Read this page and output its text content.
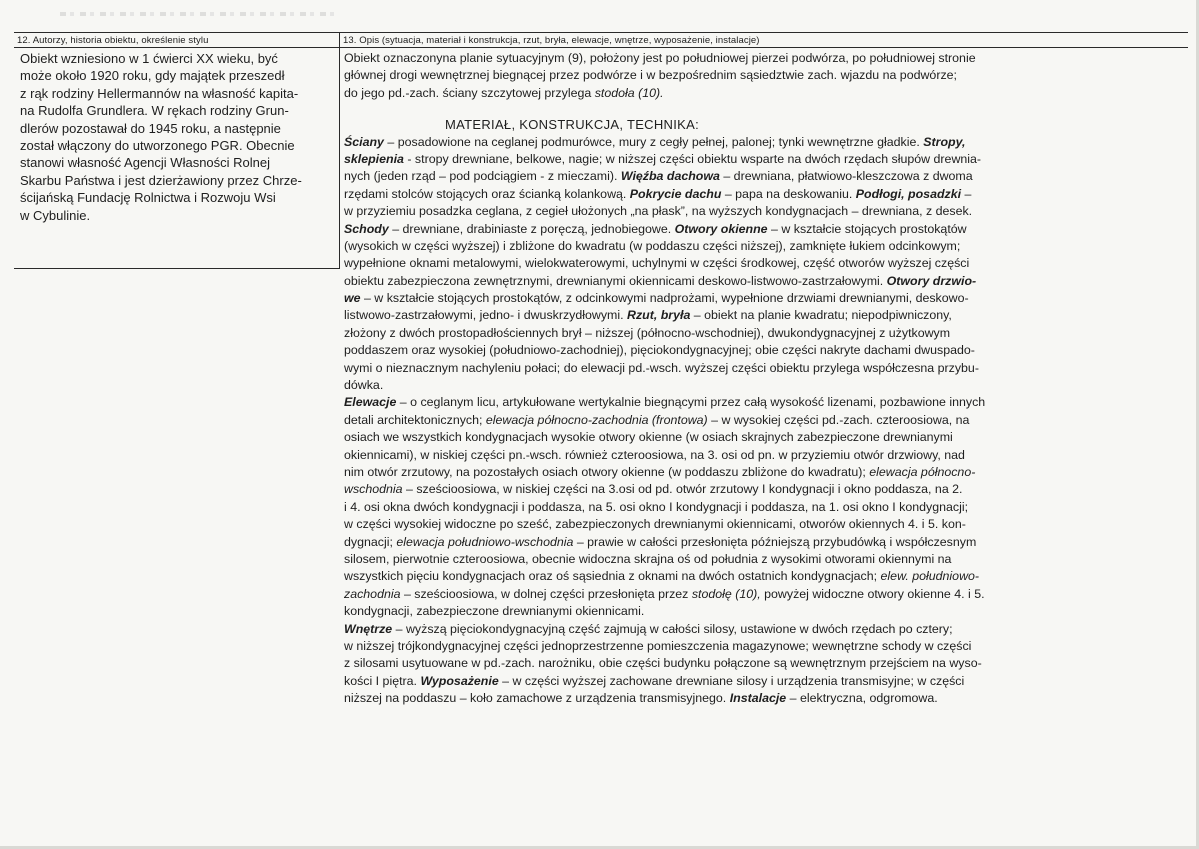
12. Autorzy, historia obiektu, określenie stylu	13. Opis (sytuacja, materiał i konstrukcja, rzut, bryła, elewacje, wnętrze, wyposażenie, instalacje)
Obiekt wzniesiono w 1 ćwierci XX wieku, być
może około 1920 roku, gdy majątek przeszedł
z rąk rodziny Hellermannów na własność kapita-
na Rudolfa Grundlera. W rękach rodziny Grun-
dlerów pozostawał do 1945 roku, a następnie
został włączony do utworzonego PGR. Obecnie
stanowi własność Agencji Własności Rolnej
Skarbu Państwa i jest dzierżawiony przez Chrze-
ścijańską Fundację Rolnictwa i Rozwoju Wsi
w Cybulinie.
Obiekt oznaczonyna planie sytuacyjnym (9), położony jest po południowej pierzei podwórza, po południowej stronie
głównej drogi wewnętrznej biegnącej przez podwórze i w bezpośrednim sąsiedztwie zach. wjazdu na podwórze;
do jego pd.-zach. ściany szczytowej przylega stodoła (10).
MATERIAŁ, KONSTRUKCJA, TECHNIKA:
Ściany – posadowione na ceglanej podmurówce, mury z cegły pełnej, palonej; tynki wewnętrzne gładkie. Stropy,
sklepienia - stropy drewniane, belkowe, nagie; w niższej części obiektu wsparte na dwóch rzędach słupów drewnia-
nych (jeden rząd – pod podciągiem - z mieczami). Więźba dachowa – drewniana, płatwiowo-kleszczowa z dwoma
rzędami stolców stojących oraz ścianką kolankową. Pokrycie dachu – papa na deskowaniu. Podłogi, posadzki –
w przyziemiu posadzka ceglana, z cegieł ułożonych „na płask”, na wyższych kondygnacjach – drewniana, z desek.
Schody – drewniane, drabiniaste z poręczą, jednobiegowe. Otwory okienne – w kształcie stojących prostokątów
(wysokich w części wyższej) i zbliżone do kwadratu (w poddaszu części niższej), zamknięte łukiem odcinkowym;
wypełnione oknami metalowymi, wielokwaterowymi, uchylnymi w części środkowej, część otworów wyższej części
obiektu zabezpieczona zewnętrznymi, drewnianymi okiennicami deskowo-listwowo-zastrzałowymi. Otwory drzwio-
we – w kształcie stojących prostokątów, z odcinkowymi nadprożami, wypełnione drzwiami drewnianymi, deskowo-
listwowo-zastrzałowymi, jedno- i dwuskrzydłowymi. Rzut, bryła – obiekt na planie kwadratu; niepodpiwniczony,
złożony z dwóch prostopadłościennych brył – niższej (północno-wschodniej), dwukondygnacyjnej z użytkowym
poddaszem oraz wysokiej (południowo-zachodniej), pięciokondygnacyjnej; obie części nakryte dachami dwuspado-
wymi o nieznacznym nachyleniu połaci; do elewacji pd.-wsch. wyższej części obiektu przylega współczesna przybu-
dówka.
Elewacje – o ceglanym licu, artykułowane wertykalnie biegnącymi przez całą wysokość lizenami, pozbawione innych
detali architektonicznych; elewacja północno-zachodnia (frontowa) – w wysokiej części pd.-zach. czteroosiowa, na
osiach we wszystkich kondygnacjach wysokie otwory okienne (w osiach skrajnych zabezpieczone drewnianymi
okiennicami), w niskiej części pn.-wsch. również czteroosiowa, na 3. osi od pn. w przyziemiu otwór drzwiowy, nad
nim otwór zrzutowy, na pozostałych osiach otwory okienne (w poddaszu zbliżone do kwadratu); elewacja północno-
wschodnia – sześcioosiowa, w niskiej części na 3.osi od pd. otwór zrzutowy I kondygnacji i okno poddasza, na 2.
i 4. osi okna dwóch kondygnacji i poddasza, na 5. osi okno I kondygnacji i poddasza, na 1. osi okno I kondygnacji;
w części wysokiej widoczne po sześć, zabezpieczonych drewnianymi okiennicami, otworów okiennych 4. i 5. kon-
dygnacji; elewacja południowo-wschodnia – prawie w całości przesłonięta późniejszą przybudówką i współczesnym
silosem, pierwotnie czteroosiowa, obecnie widoczna skrajna oś od południa z wysokimi otworami okiennymi na
wszystkich pięciu kondygnacjach oraz oś sąsiednia z oknami na dwóch ostatnich kondygnacjach; elew. południowo-
zachodnia – sześcioosiowa, w dolnej części przesłonięta przez stodołę (10), powyżej widoczne otwory okienne 4. i 5.
kondygnacji, zabezpieczone drewnianymi okiennicami.
Wnętrze – wyższą pięciokondygnacyjną część zajmują w całości silosy, ustawione w dwóch rzędach po cztery;
w niższej trójkondygnacyjnej części jednoprzestrzenne pomieszczenia magazynowe; wewnętrzne schody w części
z silosami usytuowane w pd.-zach. narożniku, obie części budynku połączone są wewnętrznym przejściem na wyso-
kości I piętra. Wyposażenie – w części wyższej zachowane drewniane silosy i urządzenia transmisyjne; w części
niższej na poddaszu – koło zamachowe z urządzenia transmisyjnego. Instalacje – elektryczna, odgromowa.
